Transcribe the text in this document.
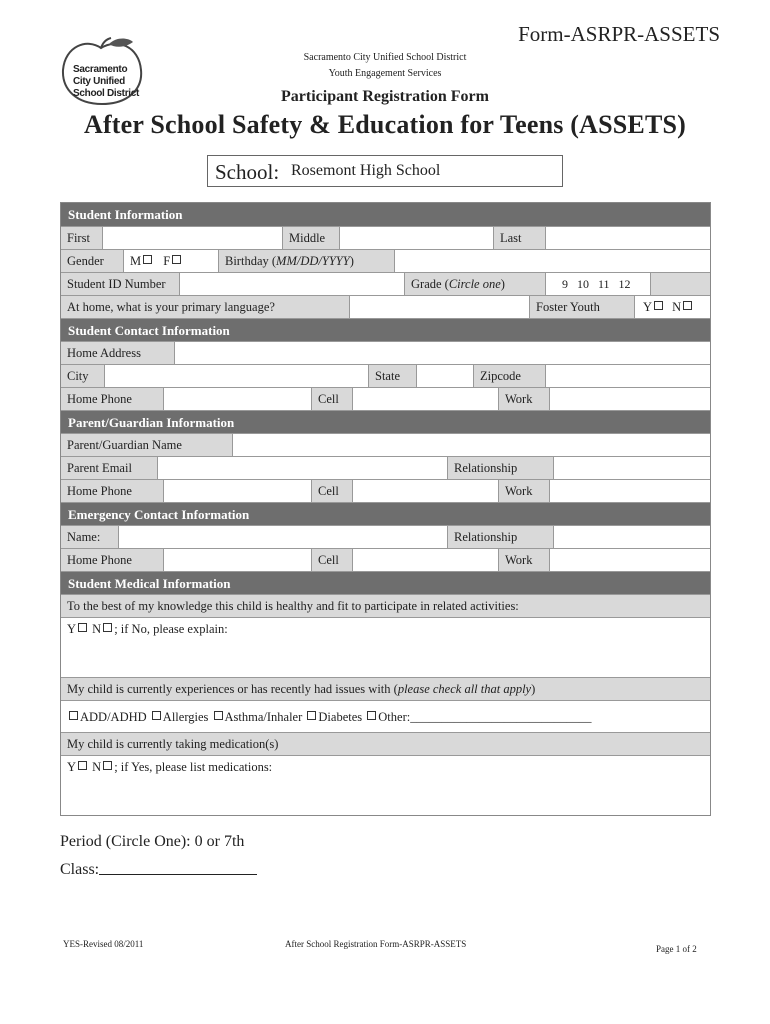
Form-ASRPR-ASSETS
Sacramento
City Unified
School District
Sacramento City Unified School District
Youth Engagement Services
Participant Registration Form
After School Safety & Education for Teens (ASSETS)
School: Rosemont High School
Student Information
First	Middle	Last
Gender	M F	Birthday (MM/DD/YYYY)
Student ID Number	Grade (Circle one)	9   10   11   12
At home, what is your primary language?	Foster Youth	Y N
Student Contact Information
Home Address
City	State	Zipcode
Home Phone	Cell	Work
Parent/Guardian Information
Parent/Guardian Name
Parent Email	Relationship
Home Phone	Cell	Work
Emergency Contact Information
Name:	Relationship
Home Phone	Cell	Work
Student Medical Information
To the best of my knowledge this child is healthy and fit to participate in related activities:
Y N ; if No, please explain:
My child is currently experiences or has recently had issues with (please check all that apply)
ADD/ADHD Allergies Asthma/Inhaler Diabetes Other:_____________________________
My child is currently taking medication(s)
Y N ; if Yes, please list medications:
Period (Circle One): 0 or 7th
Class:
YES-Revised 08/2011	After School Registration Form-ASRPR-ASSETS	Page 1 of 2
